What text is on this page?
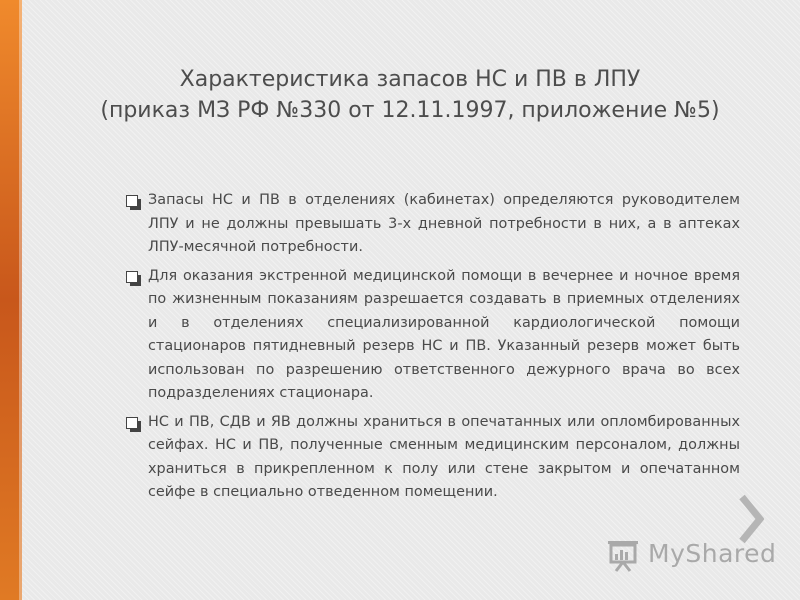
Характеристика запасов НС и ПВ в ЛПУ
(приказ МЗ РФ №330 от 12.11.1997, приложение №5)
Запасы НС и ПВ в отделениях (кабинетах) определяются руководителем ЛПУ и не должны превышать 3-х дневной потребности в них, а в аптеках ЛПУ-месячной потребности.
Для оказания экстренной медицинской помощи в вечернее и ночное время по жизненным показаниям разрешается создавать в приемных отделениях и в отделениях специализированной кардиологической помощи стационаров пятидневный резерв НС и ПВ. Указанный резерв может быть использован по разрешению ответственного дежурного врача во всех подразделениях стационара.
НС и ПВ, СДВ и ЯВ должны храниться в опечатанных или опломбированных сейфах. НС и ПВ, полученные сменным медицинским персоналом, должны храниться в прикрепленном к полу или стене закрытом и опечатанном сейфе в специально отведенном помещении.
MyShared
